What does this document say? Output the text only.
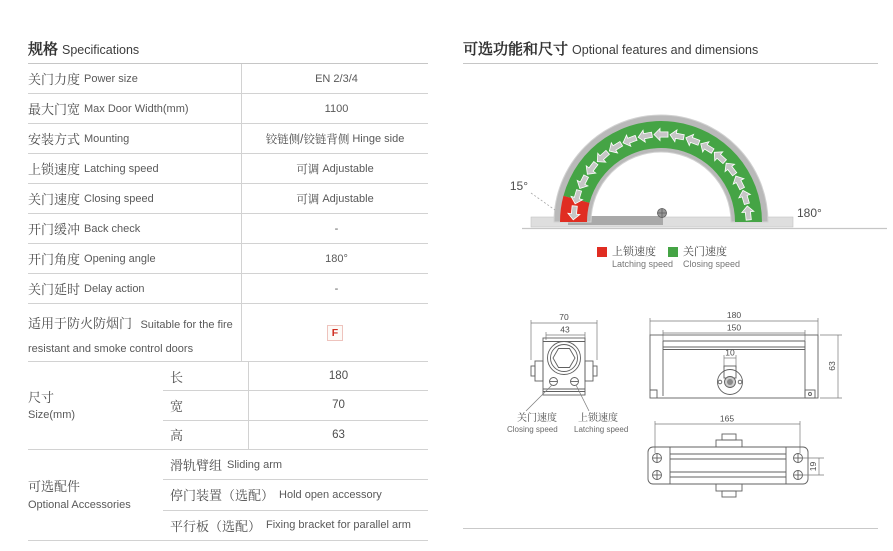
规格 Specifications
关门力度 Power size	EN 2/3/4
最大门宽 Max Door Width(mm)	1100
安装方式 Mounting	铰链侧/铰链背侧 Hinge side
上锁速度 Latching speed	可调 Adjustable
关门速度 Closing speed	可调 Adjustable
开门缓冲 Back check	-
开门角度 Opening angle	180°
关门延时 Delay action	-
适用于防火防烟门 Suitable for the fire resistant and smoke control doors
F
尺寸
Size(mm)
长	180
宽	70
高	63
可选配件
Optional Accessories
滑轨臂组 Sliding arm
停门装置（选配） Hold open accessory
平行板（选配） Fixing bracket for parallel arm
可选功能和尺寸 Optional features and dimensions
15°
180°
上锁速度
Latching speed
关门速度
Closing speed
70
43
关门速度
Closing speed
上锁速度
Latching speed
180
150
10
63
165
19
